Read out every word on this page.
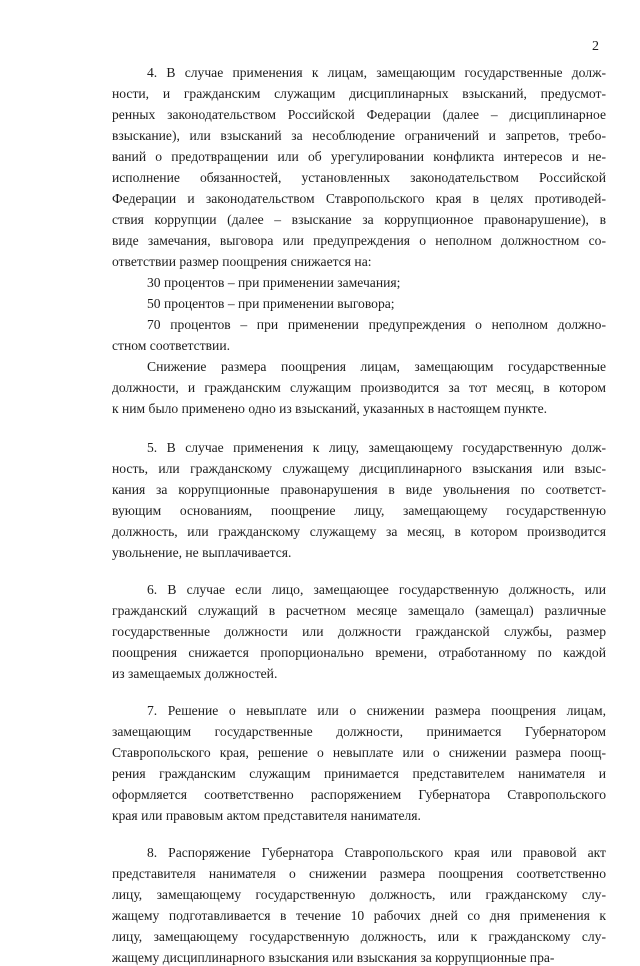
2
4. В случае применения к лицам, замещающим государственные долж-
ности, и гражданским служащим дисциплинарных взысканий, предусмот-
ренных законодательством Российской Федерации (далее – дисциплинарное
взыскание), или взысканий за несоблюдение ограничений и запретов, требо-
ваний о предотвращении или об урегулировании конфликта интересов и не-
исполнение обязанностей, установленных законодательством Российской
Федерации и законодательством Ставропольского края в целях противодей-
ствия коррупции (далее – взыскание за коррупционное правонарушение), в
виде замечания, выговора или предупреждения о неполном должностном со-
ответствии размер поощрения снижается на:
30 процентов – при применении замечания;
50 процентов – при применении выговора;
70 процентов – при применении предупреждения о неполном должно-
стном соответствии.
Снижение размера поощрения лицам, замещающим государственные
должности, и гражданским служащим производится за тот месяц, в котором
к ним было применено одно из взысканий, указанных в настоящем пункте.
5. В случае применения к лицу, замещающему государственную долж-
ность, или гражданскому служащему дисциплинарного взыскания или взыс-
кания за коррупционные правонарушения в виде увольнения по соответст-
вующим основаниям, поощрение лицу, замещающему государственную
должность, или гражданскому служащему за месяц, в котором производится
увольнение, не выплачивается.
6. В случае если лицо, замещающее государственную должность, или
гражданский служащий в расчетном месяце замещало (замещал) различные
государственные должности или должности гражданской службы, размер
поощрения снижается пропорционально времени, отработанному по каждой
из замещаемых должностей.
7. Решение о невыплате или о снижении размера поощрения лицам,
замещающим государственные должности, принимается Губернатором
Ставропольского края, решение о невыплате или о снижении размера поощ-
рения гражданским служащим принимается представителем нанимателя и
оформляется соответственно распоряжением Губернатора Ставропольского
края или правовым актом представителя нанимателя.
8. Распоряжение Губернатора Ставропольского края или правовой акт
представителя нанимателя о снижении размера поощрения соответственно
лицу, замещающему государственную должность, или гражданскому слу-
жащему подготавливается в течение 10 рабочих дней со дня применения к
лицу, замещающему государственную должность, или к гражданскому слу-
жащему дисциплинарного взыскания или взыскания за коррупционные пра-
